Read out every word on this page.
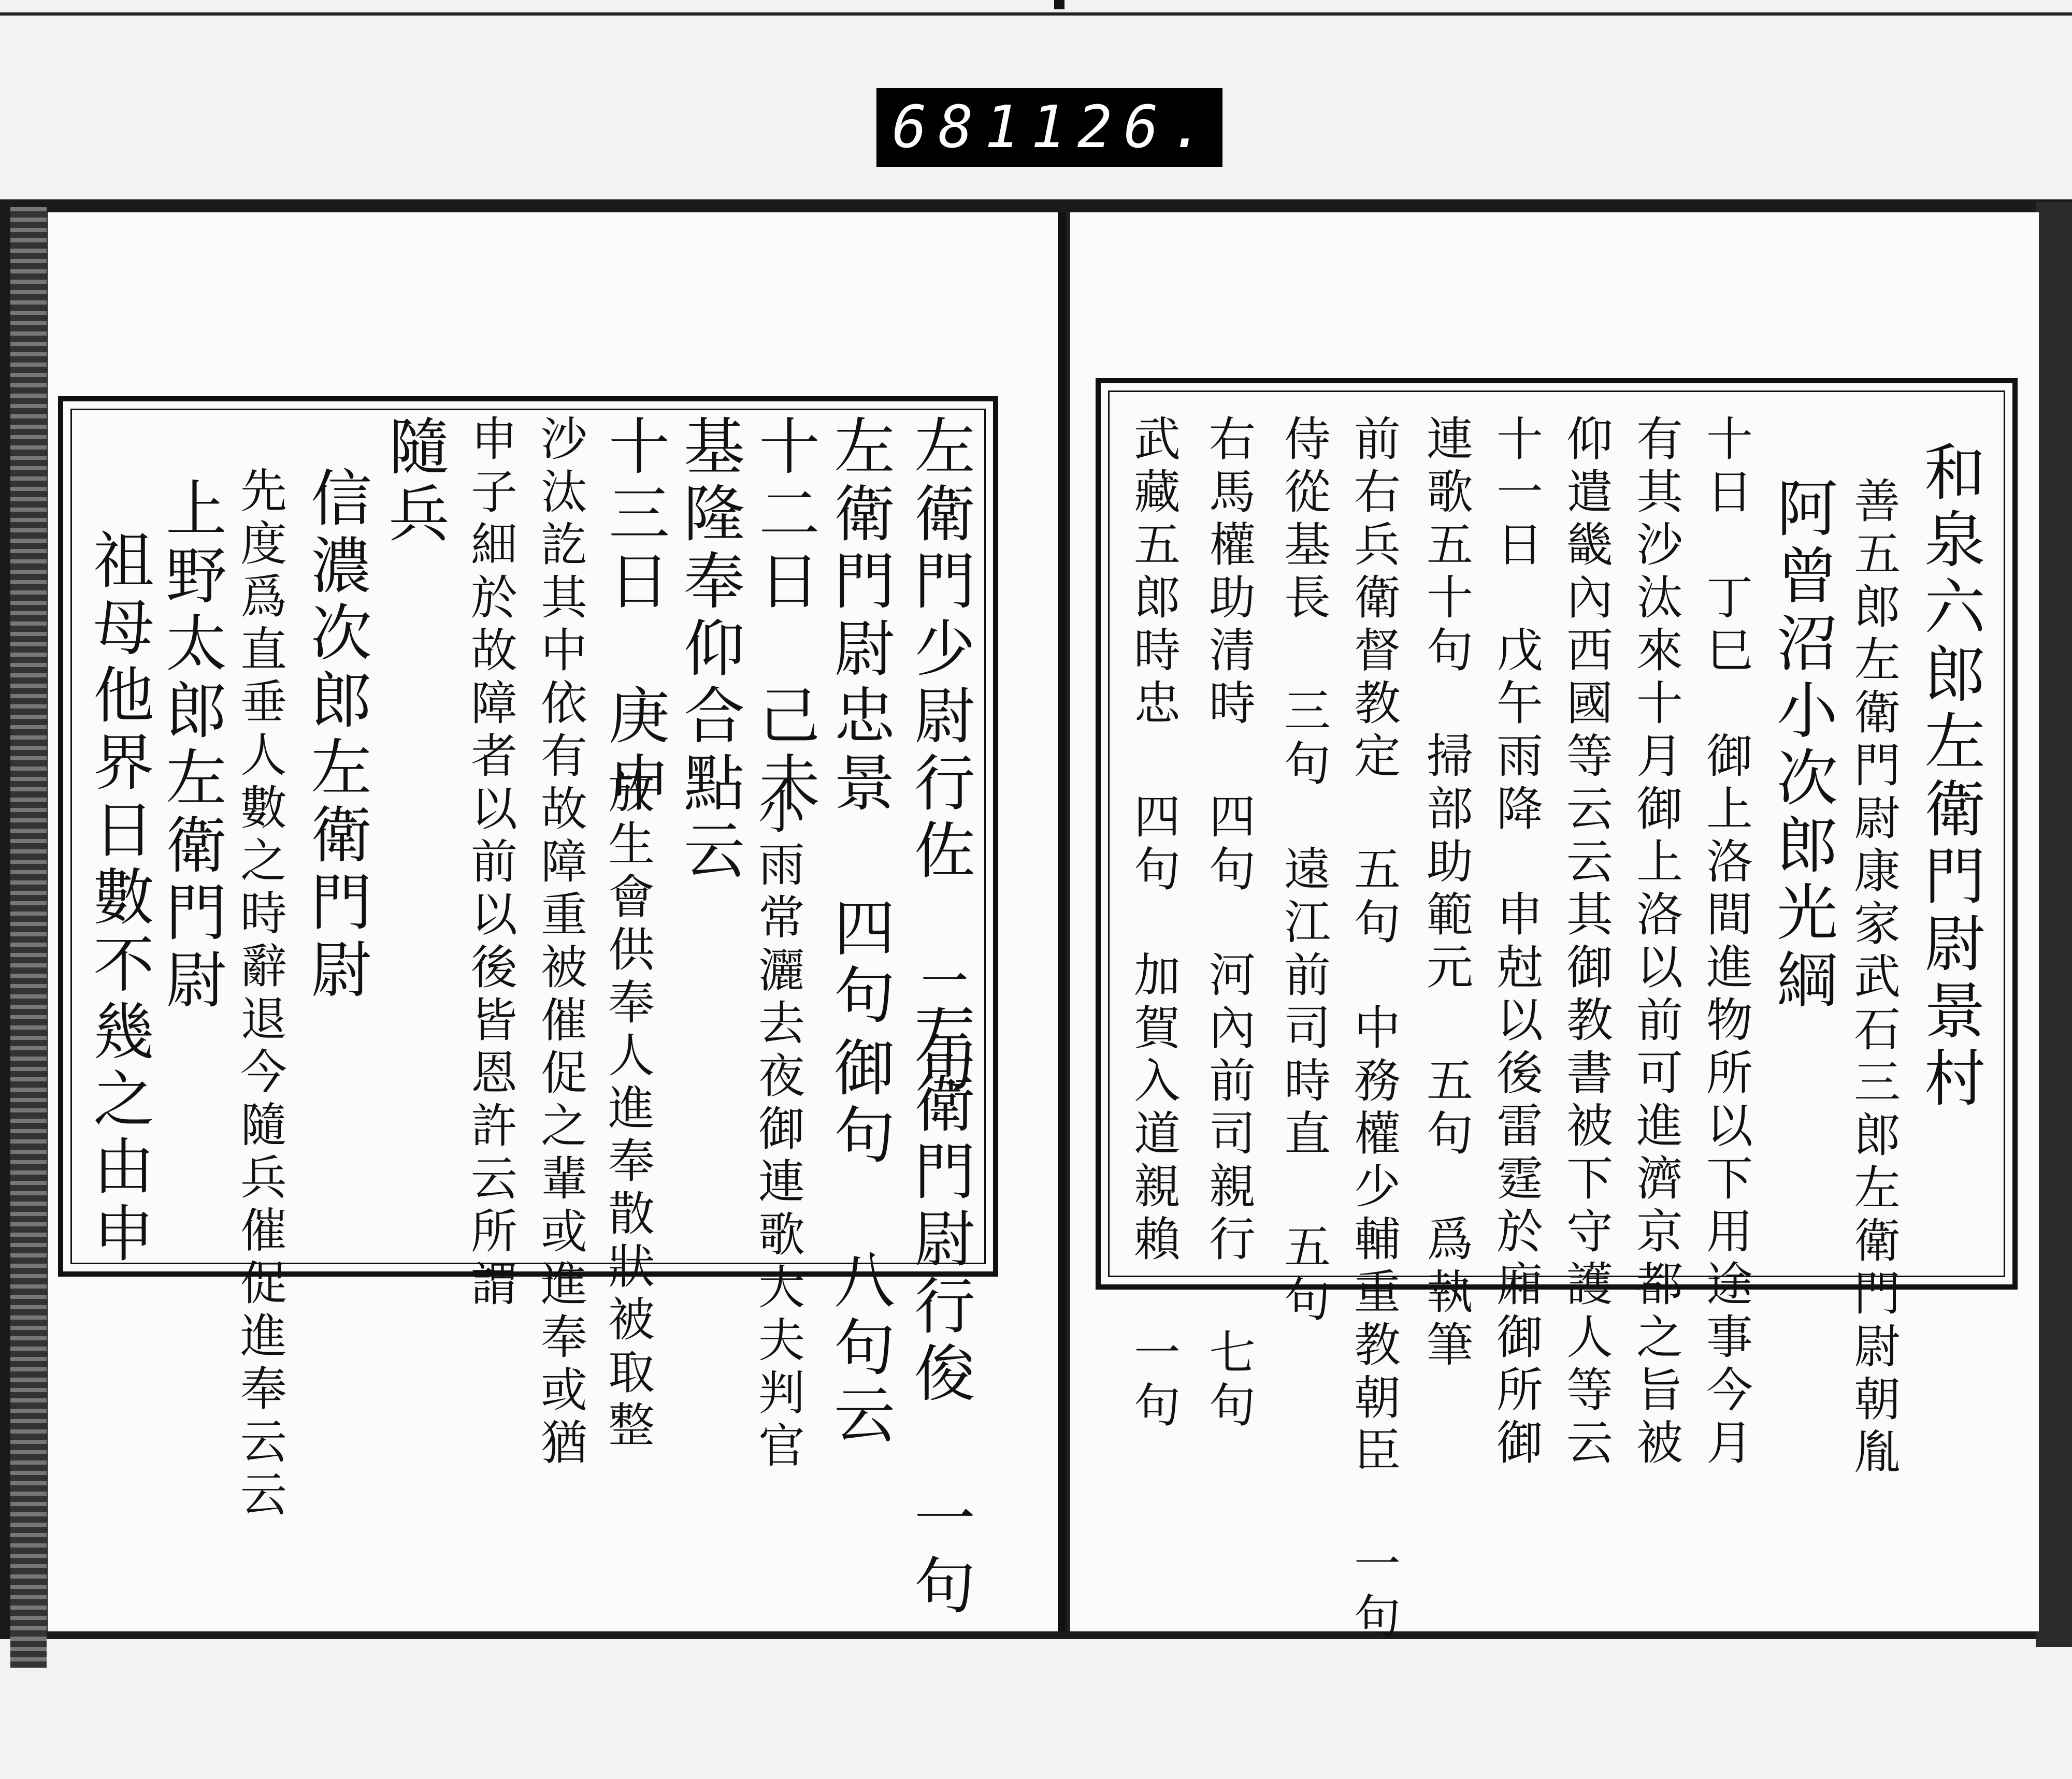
681 126.
左衛門少尉行佐 二句
左衛門尉忠景 四句
十二日　己未
基隆奉仰合點云
十三日　庚申
沙汰訖其中依有故障重被催促之輩或進奉或猶
申子細於故障者以前以後皆恩許云所謂
隨兵
信濃次郎左衛門尉
先度爲直垂人數之時辭退今隨兵催促進奉云云
上野太郎左衛門尉
祖母他界日數不幾之由申
左衛門尉行俊 一句
御句 八句云
小雨常灑去夜御連歌大夫判官
放生會供奉人進奉散狀被取整	和泉六郎左衛門尉景村
善五郎左衛門尉康家武石三郎左衛門尉朝胤
阿曾沼小次郎光綱
十日　丁巳　御上洛間進物所以下用途事今月
有其沙汰來十月御上洛以前可進濟京都之旨被
仰遣畿內西國等云云其御教書被下守護人等云
十一日　戊午雨降　申尅以後雷霆於廂御所御
連歌五十句　掃部助範元 五句　爲執筆
前右兵衛督教定 五句　中務權少輔重教朝臣 一句
侍從基長 三句　遠江前司時直 五句
右馬權助清時 四句　河內前司親行 七句
武藏五郎時忠 四句　加賀入道親賴 一句
